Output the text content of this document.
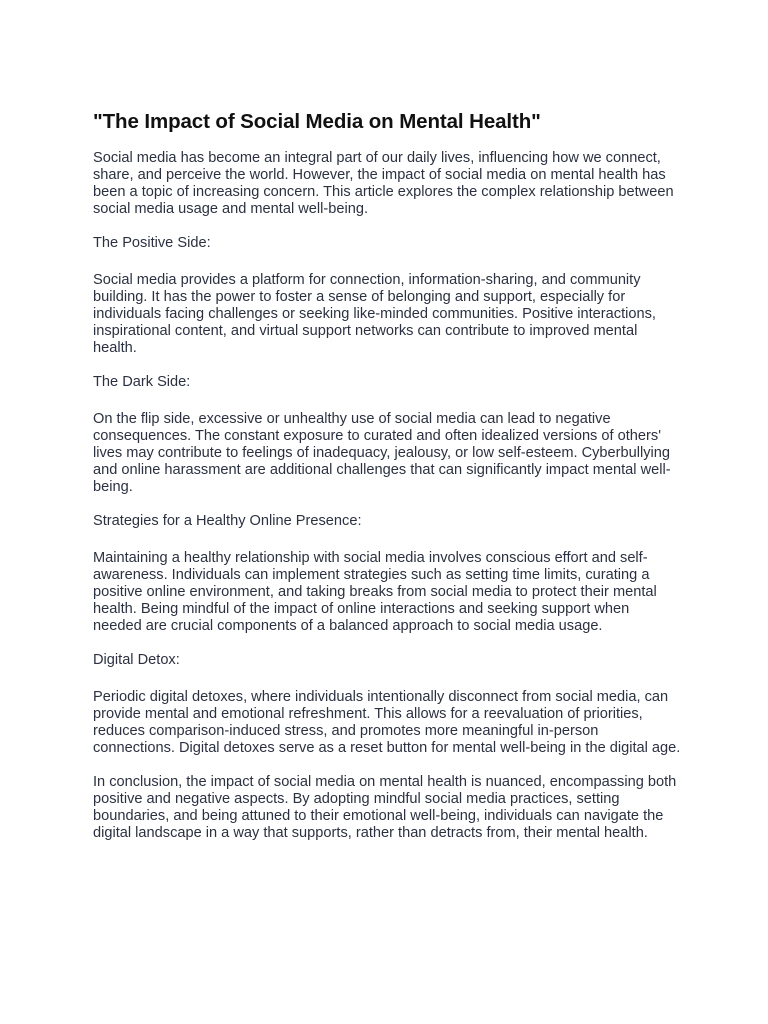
"The Impact of Social Media on Mental Health"

Social media has become an integral part of our daily lives, influencing how we connect, share, and perceive the world. However, the impact of social media on mental health has been a topic of increasing concern. This article explores the complex relationship between social media usage and mental well-being.

The Positive Side:

Social media provides a platform for connection, information-sharing, and community building. It has the power to foster a sense of belonging and support, especially for individuals facing challenges or seeking like-minded communities. Positive interactions, inspirational content, and virtual support networks can contribute to improved mental health.

The Dark Side:

On the flip side, excessive or unhealthy use of social media can lead to negative consequences. The constant exposure to curated and often idealized versions of others' lives may contribute to feelings of inadequacy, jealousy, or low self-esteem. Cyberbullying and online harassment are additional challenges that can significantly impact mental well-being.

Strategies for a Healthy Online Presence:

Maintaining a healthy relationship with social media involves conscious effort and self-awareness. Individuals can implement strategies such as setting time limits, curating a positive online environment, and taking breaks from social media to protect their mental health. Being mindful of the impact of online interactions and seeking support when needed are crucial components of a balanced approach to social media usage.

Digital Detox:

Periodic digital detoxes, where individuals intentionally disconnect from social media, can provide mental and emotional refreshment. This allows for a reevaluation of priorities, reduces comparison-induced stress, and promotes more meaningful in-person connections. Digital detoxes serve as a reset button for mental well-being in the digital age.

In conclusion, the impact of social media on mental health is nuanced, encompassing both positive and negative aspects. By adopting mindful social media practices, setting boundaries, and being attuned to their emotional well-being, individuals can navigate the digital landscape in a way that supports, rather than detracts from, their mental health.
